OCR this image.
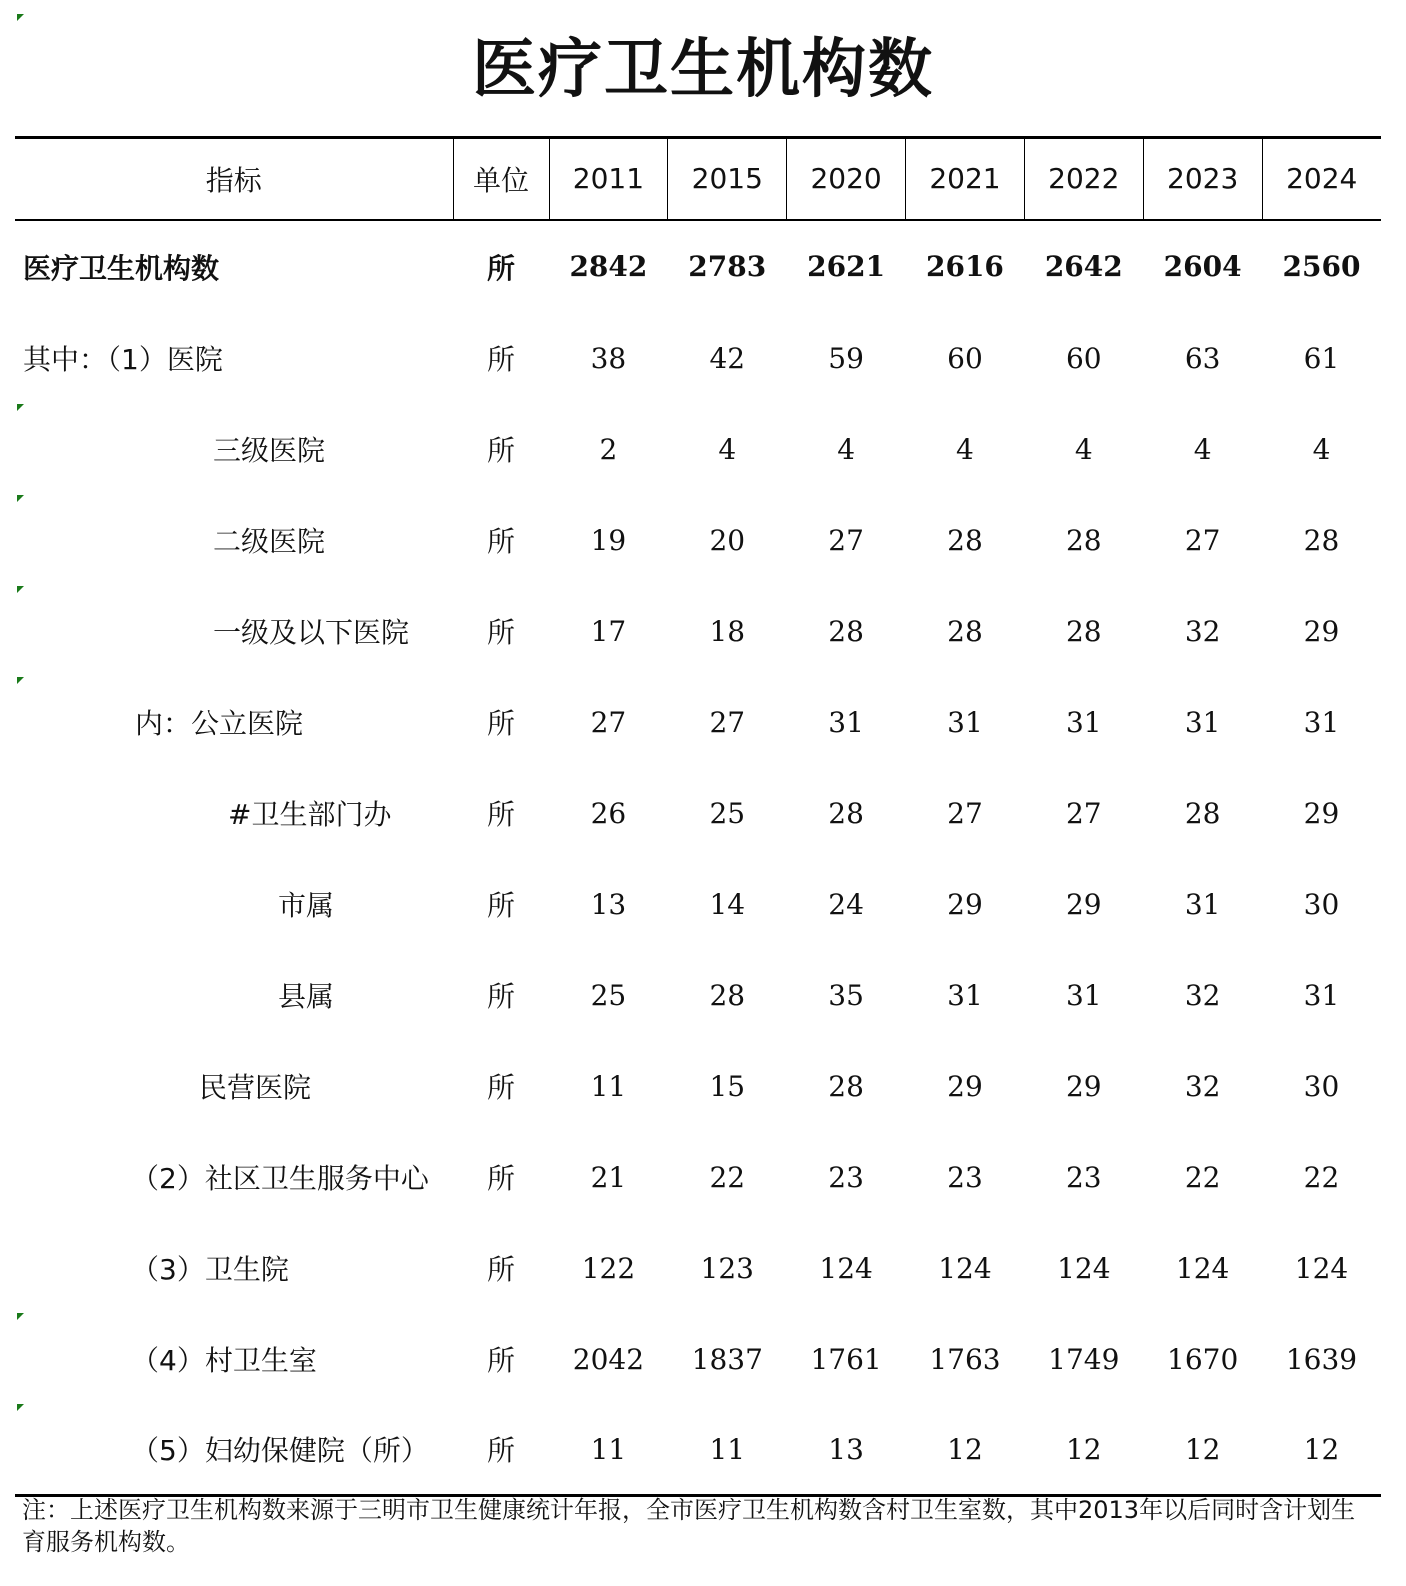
医疗卫生机构数
指标	单位	2011	2015	2020	2021	2022	2023	2024
医疗卫生机构数	所	2842	2783	2621	2616	2642	2604	2560
其中：（1）医院	所	38	42	59	60	60	63	61
三级医院	所	2	4	4	4	4	4	4
二级医院	所	19	20	27	28	28	27	28
一级及以下医院	所	17	18	28	28	28	32	29
内：公立医院	所	27	27	31	31	31	31	31
#卫生部门办	所	26	25	28	27	27	28	29
市属	所	13	14	24	29	29	31	30
县属	所	25	28	35	31	31	32	31
民营医院	所	11	15	28	29	29	32	30
（2）社区卫生服务中心	所	21	22	23	23	23	22	22
（3）卫生院	所	122	123	124	124	124	124	124
（4）村卫生室	所	2042	1837	1761	1763	1749	1670	1639
（5）妇幼保健院（所）	所	11	11	13	12	12	12	12
注：上述医疗卫生机构数来源于三明市卫生健康统计年报，全市医疗卫生机构数含村卫生室数，其中2013年以后同时含计划生育服务机构数。
